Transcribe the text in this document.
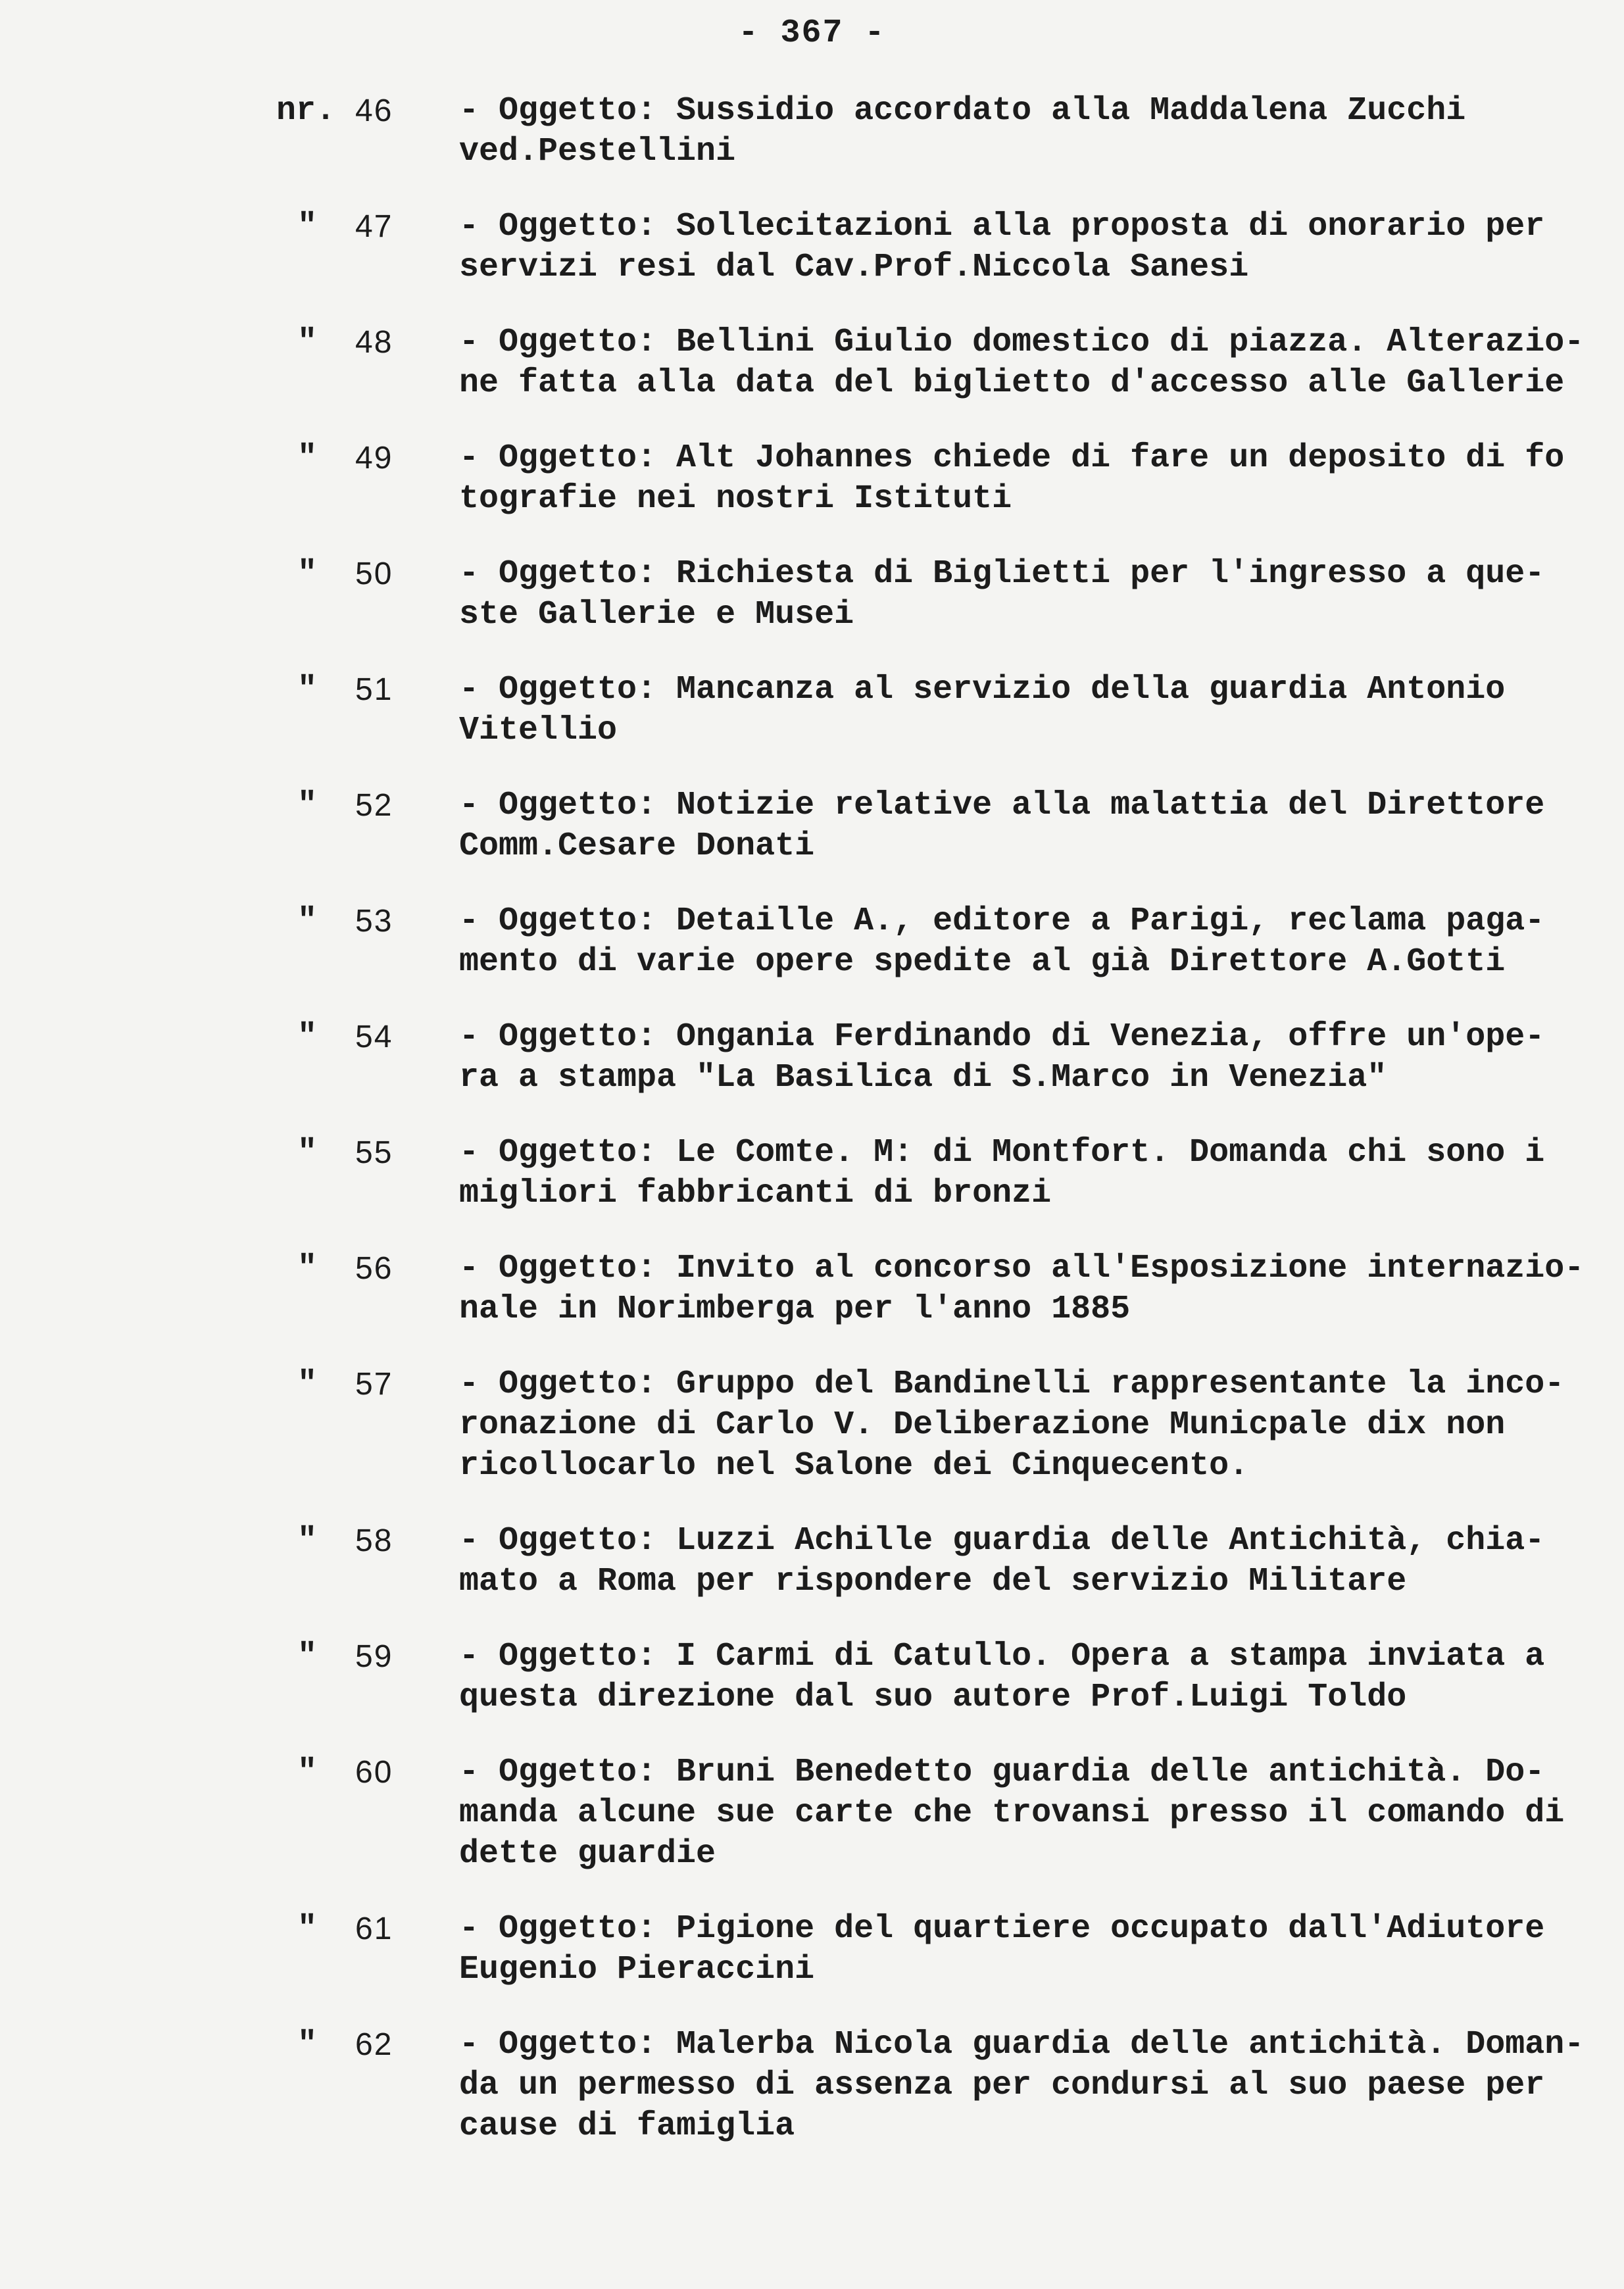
- 367 -
nr. 46 - Oggetto: Sussidio accordato alla Maddalena Zucchi
ved.Pestellini
" 47 - Oggetto: Sollecitazioni alla proposta di onorario per
servizi resi dal Cav.Prof.Niccola Sanesi
" 48 - Oggetto: Bellini Giulio domestico di piazza. Alterazio-
ne fatta alla data del biglietto d'accesso alle Gallerie
" 49 - Oggetto: Alt Johannes chiede di fare un deposito di fo
tografie nei nostri Istituti
" 50 - Oggetto: Richiesta di Biglietti per l'ingresso a que-
ste Gallerie e Musei
" 51 - Oggetto: Mancanza al servizio della guardia Antonio
Vitellio
" 52 - Oggetto: Notizie relative alla malattia del Direttore
Comm.Cesare Donati
" 53 - Oggetto: Detaille A., editore a Parigi, reclama paga-
mento di varie opere spedite al già Direttore A.Gotti
" 54 - Oggetto: Ongania Ferdinando di Venezia, offre un'ope-
ra a stampa "La Basilica di S.Marco in Venezia"
" 55 - Oggetto: Le Comte. M: di Montfort. Domanda chi sono i
migliori fabbricanti di bronzi
" 56 - Oggetto: Invito al concorso all'Esposizione internazio-
nale in Norimberga per l'anno 1885
" 57 - Oggetto: Gruppo del Bandinelli rappresentante la inco-
ronazione di Carlo V. Deliberazione Municpale dix non
ricollocarlo nel Salone dei Cinquecento.
" 58 - Oggetto: Luzzi Achille guardia delle Antichità, chia-
mato a Roma per rispondere del servizio Militare
" 59 - Oggetto: I Carmi di Catullo. Opera a stampa inviata a
questa direzione dal suo autore Prof.Luigi Toldo
" 60 - Oggetto: Bruni Benedetto guardia delle antichità. Do-
manda alcune sue carte che trovansi presso il comando di
dette guardie
" 61 - Oggetto: Pigione del quartiere occupato dall'Adiutore
Eugenio Pieraccini
" 62 - Oggetto: Malerba Nicola guardia delle antichità. Doman-
da un permesso di assenza per condursi al suo paese per
cause di famiglia
